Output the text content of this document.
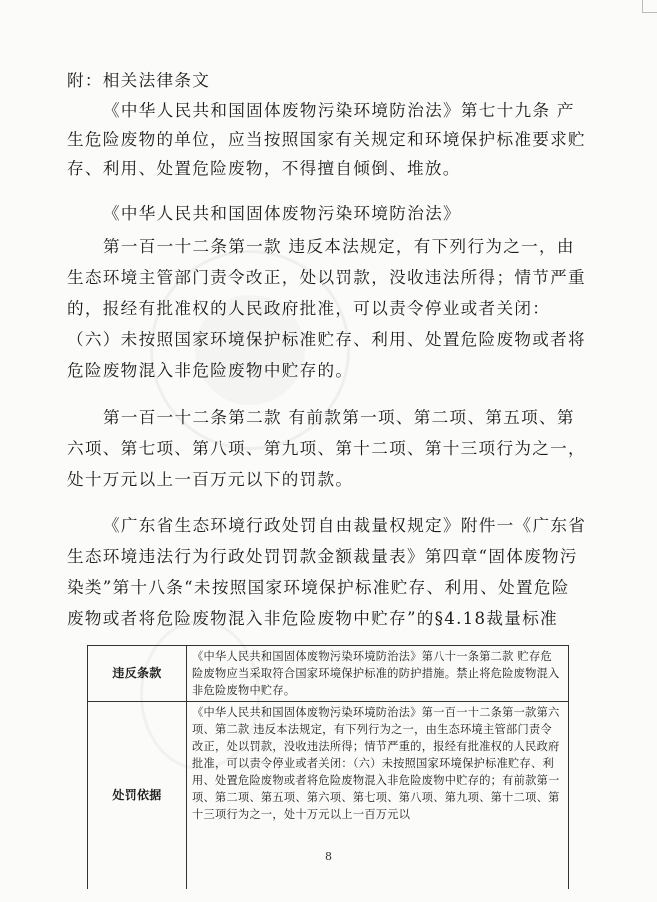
附：相关法律条文

《中华人民共和国固体废物污染环境防治法》第七十九条 产生危险废物的单位，应当按照国家有关规定和环境保护标准要求贮存、利用、处置危险废物，不得擅自倾倒、堆放。

《中华人民共和国固体废物污染环境防治法》

第一百一十二条第一款 违反本法规定，有下列行为之一，由生态环境主管部门责令改正，处以罚款，没收违法所得；情节严重的，报经有批准权的人民政府批准，可以责令停业或者关闭：（六）未按照国家环境保护标准贮存、利用、处置危险废物或者将危险废物混入非危险废物中贮存的。

第一百一十二条第二款 有前款第一项、第二项、第五项、第六项、第七项、第八项、第九项、第十二项、第十三项行为之一，处十万元以上一百万元以下的罚款。

《广东省生态环境行政处罚自由裁量权规定》附件一《广东省生态环境违法行为行政处罚罚款金额裁量表》第四章“固体废物污染类”第十八条“未按照国家环境保护标准贮存、利用、处置危险废物或者将危险废物混入非危险废物中贮存”的§4.18裁量标准

违反条款	《中华人民共和国固体废物污染环境防治法》第八十一条第二款 贮存危险废物应当采取符合国家环境保护标准的防护措施。禁止将危险废物混入非危险废物中贮存。
处罚依据	《中华人民共和国固体废物污染环境防治法》第一百一十二条第一款第六项、第二款 违反本法规定，有下列行为之一，由生态环境主管部门责令改正，处以罚款，没收违法所得；情节严重的，报经有批准权的人民政府批准，可以责令停业或者关闭：（六）未按照国家环境保护标准贮存、利用、处置危险废物或者将危险废物混入非危险废物中贮存的；有前款第一项、第二项、第五项、第六项、第七项、第八项、第九项、第十二项、第十三项行为之一，处十万元以上一百万元以
8
